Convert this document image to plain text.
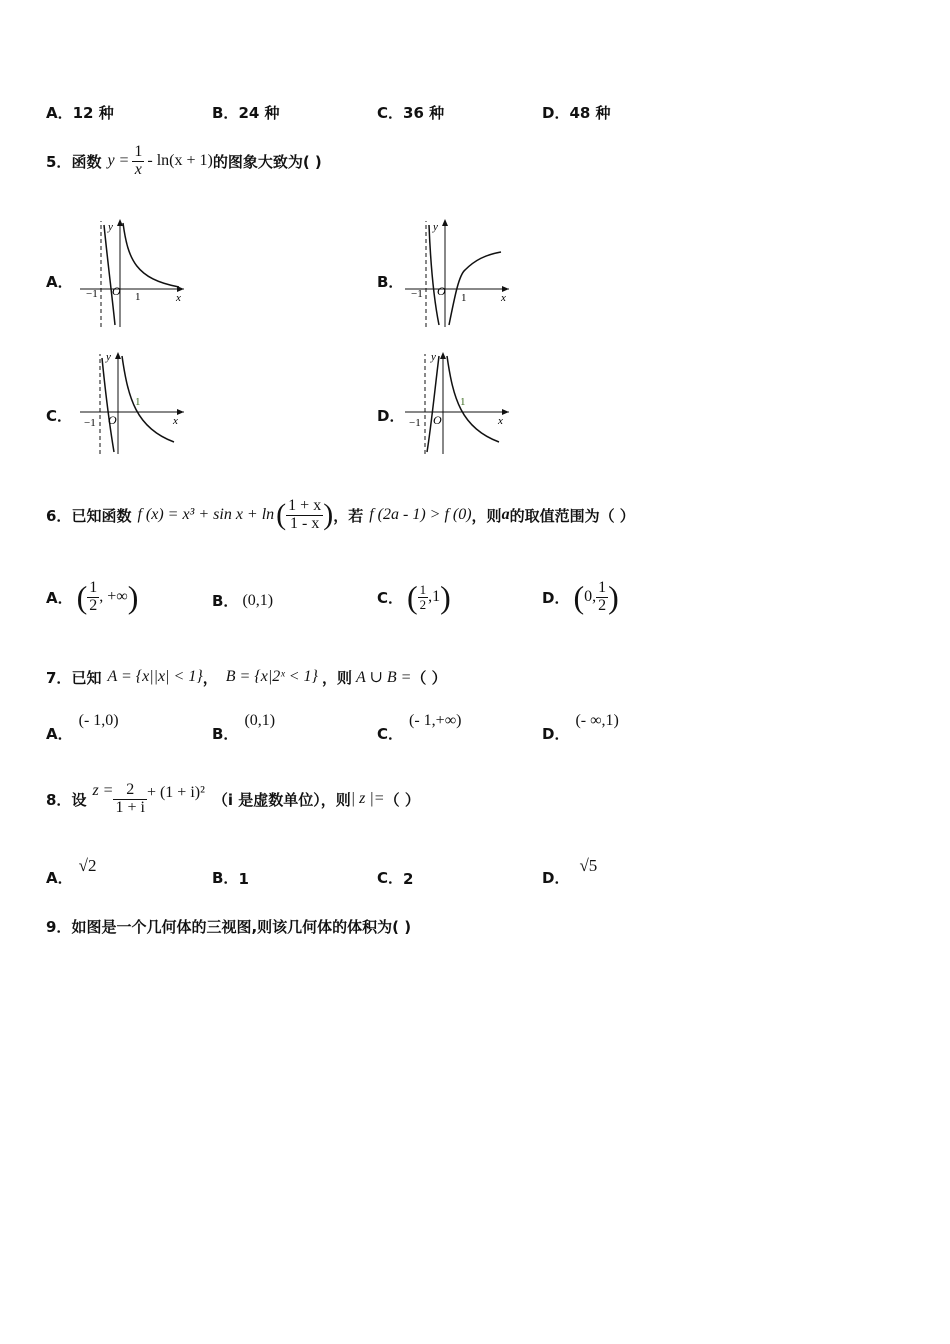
A． 12 种	B． 24 种	C． 36 种	D． 48 种
5． 函数 $y = \frac{1}{x} - \ln(x + 1)$ 的图象大致为( )
A．	B．
C．	D．
−1 O 1
y
x	−1 O 1
y
x
−1 O
1
y
x	−1 O
1
y
x
6． 已知函数 f (x) = x³ + sin x + ln ( $\frac{1 + x}{1 - x}$ ) ，若 f (2a - 1) > f (0) ，则 a 的取值范围为（ ）
A． ( $\frac{1}{2}$ , +∞ )	B． (0,1)	C． ( $\frac{1}{2} ,1$ )	D． ( 0, $\frac{1}{2}$ )
7． 已知 A = {x||x| < 1} ， B = {x|2ˣ < 1} ，则 A ∪ B = （ ）
A．
(- 1,0)
B．
(0,1)
C．
(- 1,+∞)
D．
(- ∞,1)
8． 设 $z = \frac{2}{1 + i} + (1 + i)^2$ （i 是虚数单位），则 | z |= （ ）
A．
√2
B． 1	C． 2	D．
√5
9． 如图是一个几何体的三视图,则该几何体的体积为( )
